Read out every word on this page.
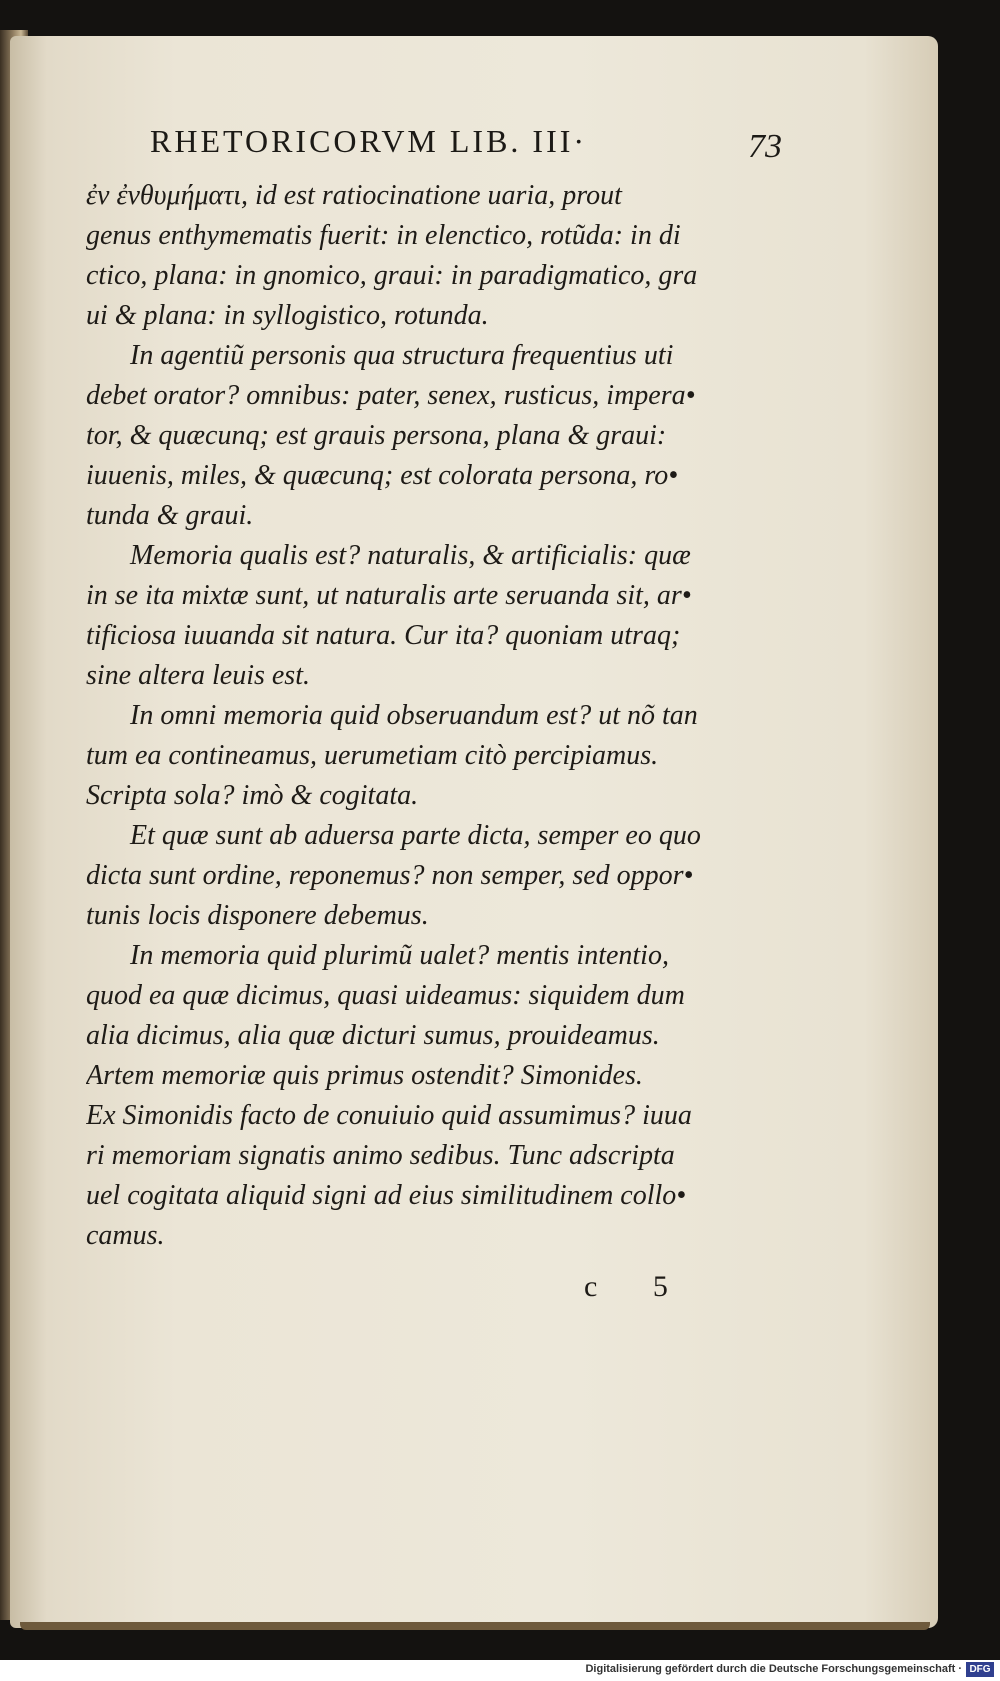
RHETORICORVM LIB. III·	73
ἐν ἐνθυμήματι, id est ratiocinatione uaria, prout
genus enthymematis fuerit: in elenctico, rotũda: in di
ctico, plana: in gnomico, graui: in paradigmatico, gra
ui & plana: in syllogistico, rotunda.
In agentiũ personis qua structura frequentius uti
debet orator? omnibus: pater, senex, rusticus, impera•
tor, & quæcunq; est grauis persona, plana & graui:
iuuenis, miles, & quæcunq; est colorata persona, ro•
tunda & graui.
Memoria qualis est? naturalis, & artificialis: quæ
in se ita mixtæ sunt, ut naturalis arte seruanda sit, ar•
tificiosa iuuanda sit natura. Cur ita? quoniam utraq;
sine altera leuis est.
In omni memoria quid obseruandum est? ut nõ tan
tum ea contineamus, uerumetiam citò percipiamus.
Scripta sola? imò & cogitata.
Et quæ sunt ab aduersa parte dicta, semper eo quo
dicta sunt ordine, reponemus? non semper, sed oppor•
tunis locis disponere debemus.
In memoria quid plurimũ ualet? mentis intentio,
quod ea quæ dicimus, quasi uideamus: siquidem dum
alia dicimus, alia quæ dicturi sumus, prouideamus.
Artem memoriæ quis primus ostendit? Simonides.
Ex Simonidis facto de conuiuio quid assumimus? iuua
ri memoriam signatis animo sedibus. Tunc adscripta
uel cogitata aliquid signi ad eius similitudinem collo•
camus.
c 5
Digitalisierung gefördert durch die Deutsche Forschungsgemeinschaft · DFG
